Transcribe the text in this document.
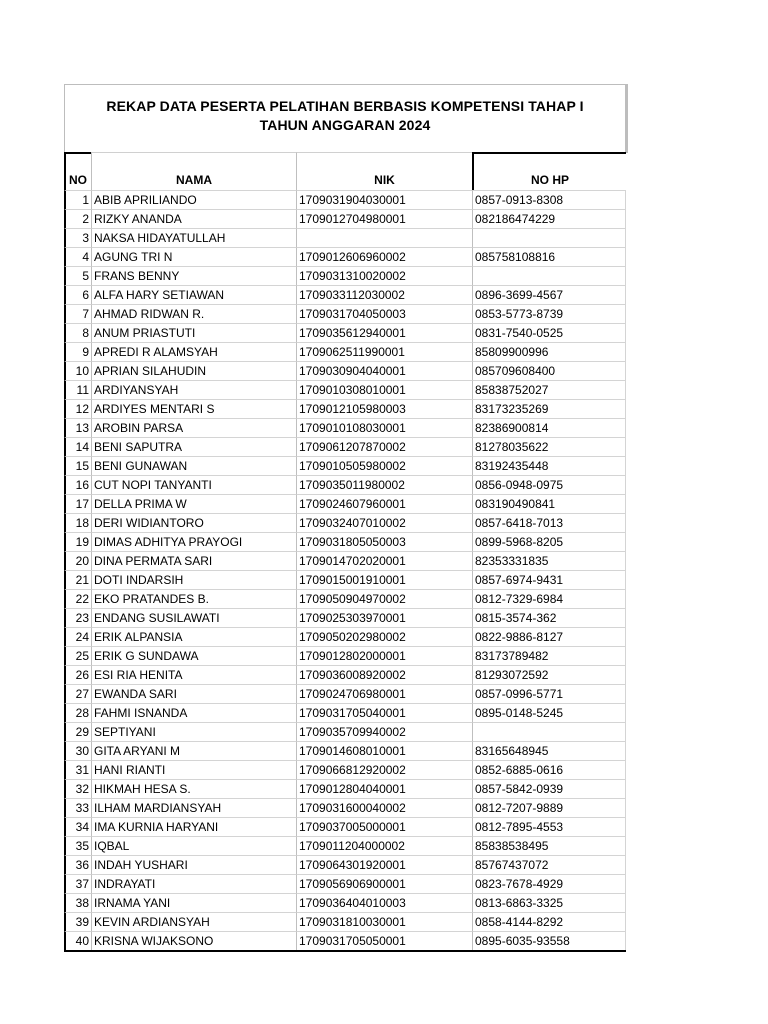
REKAP DATA PESERTA PELATIHAN BERBASIS KOMPETENSI TAHAP I
TAHUN ANGGARAN 2024
NO	NAMA	NIK	NO HP
1 ABIB APRILIANDO	1709031904030001	0857-0913-8308
2 RIZKY ANANDA	1709012704980001	082186474229
3 NAKSA HIDAYATULLAH
4 AGUNG TRI N	1709012606960002	085758108816
5 FRANS BENNY	1709031310020002
6 ALFA HARY SETIAWAN	1709033112030002	0896-3699-4567
7 AHMAD RIDWAN R.	1709031704050003	0853-5773-8739
8 ANUM PRIASTUTI	1709035612940001	0831-7540-0525
9 APREDI R ALAMSYAH	1709062511990001	85809900996
10 APRIAN SILAHUDIN	1709030904040001	085709608400
11 ARDIYANSYAH	1709010308010001	85838752027
12 ARDIYES MENTARI S	1709012105980003	83173235269
13 AROBIN PARSA	1709010108030001	82386900814
14 BENI SAPUTRA	1709061207870002	81278035622
15 BENI GUNAWAN	1709010505980002	83192435448
16 CUT NOPI TANYANTI	1709035011980002	0856-0948-0975
17 DELLA PRIMA W	1709024607960001	083190490841
18 DERI WIDIANTORO	1709032407010002	0857-6418-7013
19 DIMAS ADHITYA PRAYOGI	1709031805050003	0899-5968-8205
20 DINA PERMATA SARI	1709014702020001	82353331835
21 DOTI INDARSIH	1709015001910001	0857-6974-9431
22 EKO PRATANDES B.	1709050904970002	0812-7329-6984
23 ENDANG SUSILAWATI	1709025303970001	0815-3574-362
24 ERIK ALPANSIA	1709050202980002	0822-9886-8127
25 ERIK G SUNDAWA	1709012802000001	83173789482
26 ESI RIA HENITA	1709036008920002	81293072592
27 EWANDA SARI	1709024706980001	0857-0996-5771
28 FAHMI ISNANDA	1709031705040001	0895-0148-5245
29 SEPTIYANI	1709035709940002
30 GITA ARYANI M	1709014608010001	83165648945
31 HANI RIANTI	1709066812920002	0852-6885-0616
32 HIKMAH HESA S.	1709012804040001	0857-5842-0939
33 ILHAM MARDIANSYAH	1709031600040002	0812-7207-9889
34 IMA KURNIA HARYANI	1709037005000001	0812-7895-4553
35 IQBAL	1709011204000002	85838538495
36 INDAH YUSHARI	1709064301920001	85767437072
37 INDRAYATI	1709056906900001	0823-7678-4929
38 IRNAMA YANI	1709036404010003	0813-6863-3325
39 KEVIN ARDIANSYAH	1709031810030001	0858-4144-8292
40 KRISNA WIJAKSONO	1709031705050001	0895-6035-93558
